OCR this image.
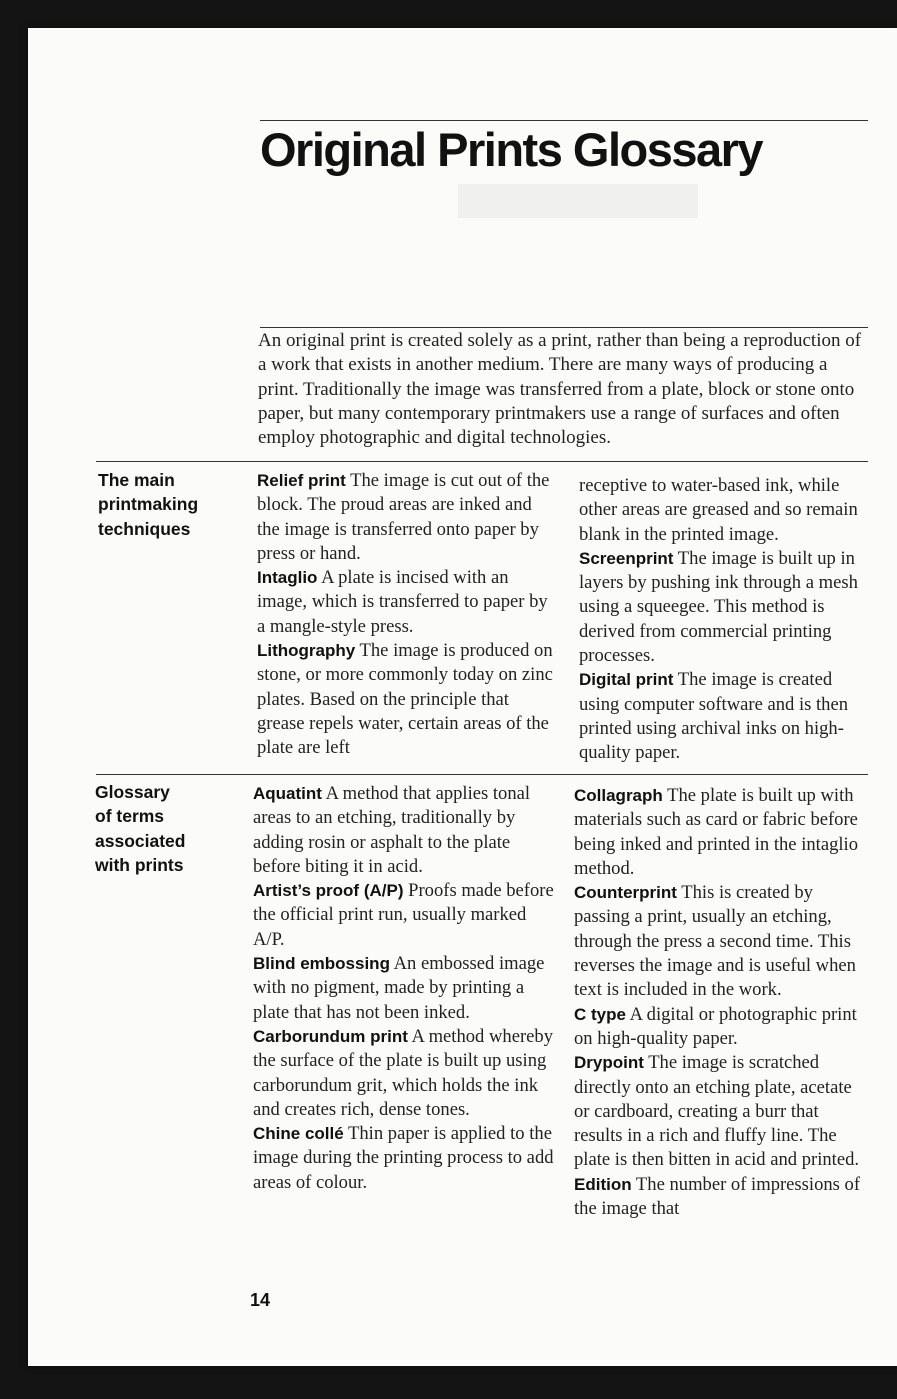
Original Prints Glossary

An original print is created solely as a print, rather than being a reproduction of a work that exists in another medium. There are many ways of producing a print. Traditionally the image was transferred from a plate, block or stone onto paper, but many contemporary printmakers use a range of surfaces and often employ photographic and digital technologies.

The main
printmaking
techniques

Relief print The image is cut out of the block. The proud areas are inked and the image is transferred onto paper by press or hand.

Intaglio A plate is incised with an image, which is transferred to paper by a mangle-style press.

Lithography The image is produced on stone, or more commonly today on zinc plates. Based on the principle that grease repels water, certain areas of the plate are left

receptive to water-based ink, while other areas are greased and so remain blank in the printed image.

Screenprint The image is built up in layers by pushing ink through a mesh using a squeegee. This method is derived from commercial printing processes.

Digital print The image is created using computer software and is then printed using archival inks on high-quality paper.

Glossary
of terms
associated
with prints

Aquatint A method that applies tonal areas to an etching, traditionally by adding rosin or asphalt to the plate before biting it in acid.

Artist’s proof (A/P) Proofs made before the official print run, usually marked A/P.

Blind embossing An embossed image with no pigment, made by printing a plate that has not been inked.

Carborundum print A method whereby the surface of the plate is built up using carborundum grit, which holds the ink and creates rich, dense tones.

Chine collé Thin paper is applied to the image during the printing process to add areas of colour.

Collagraph The plate is built up with materials such as card or fabric before being inked and printed in the intaglio method.

Counterprint This is created by passing a print, usually an etching, through the press a second time. This reverses the image and is useful when text is included in the work.

C type A digital or photographic print on high-quality paper.

Drypoint The image is scratched directly onto an etching plate, acetate or cardboard, creating a burr that results in a rich and fluffy line. The plate is then bitten in acid and printed.

Edition The number of impressions of the image that

14
